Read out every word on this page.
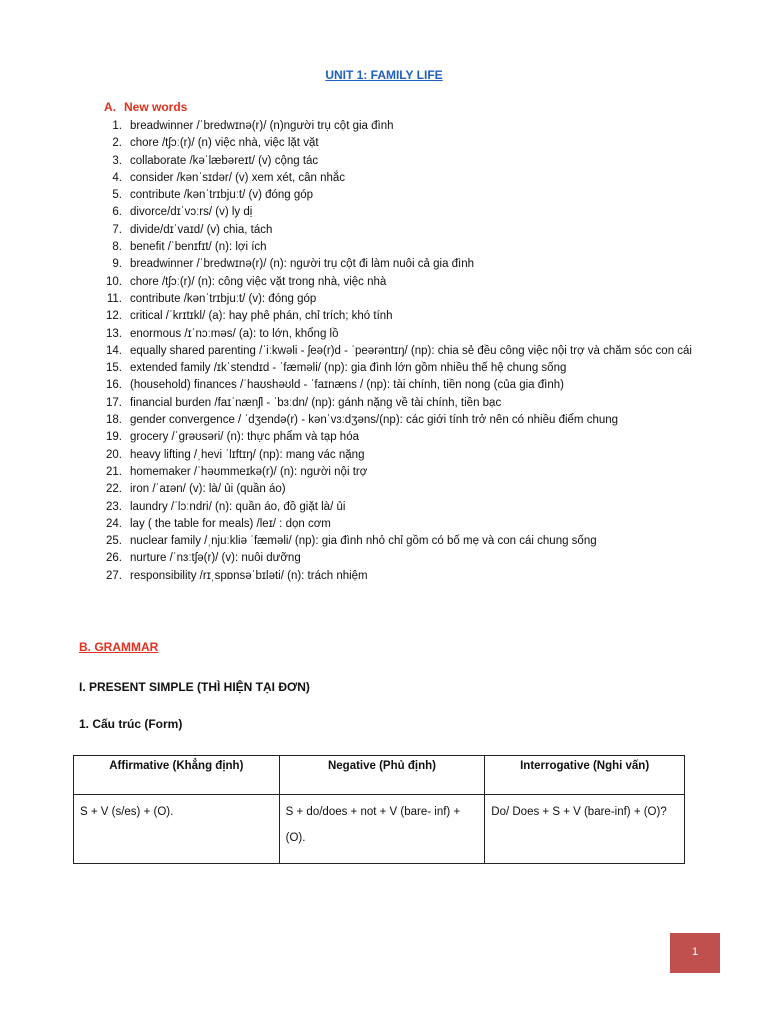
UNIT 1: FAMILY LIFE
A. New words
1. breadwinner /ˈbredwɪnə(r)/ (n)người trụ cột gia đình
2. chore /tʃɔː(r)/ (n) việc nhà, việc lặt vặt
3. collaborate /kəˈlæbəreɪt/ (v) cộng tác
4. consider /kənˈsɪdər/ (v) xem xét, cân nhắc
5. contribute /kənˈtrɪbjuːt/ (v) đóng góp
6. divorce/dɪˈvɔːrs/ (v) ly dị
7. divide/dɪˈvaɪd/ (v) chia, tách
8. benefit /ˈbenɪfɪt/ (n): lợi ích
9. breadwinner /ˈbredwɪnə(r)/ (n): người trụ cột đi làm nuôi cả gia đình
10. chore /tʃɔː(r)/ (n): công việc vặt trong nhà, việc nhà
11. contribute /kənˈtrɪbjuːt/ (v): đóng góp
12. critical /ˈkrɪtɪkl/ (a): hay phê phán, chỉ trích; khó tính
13. enormous /ɪˈnɔːməs/ (a): to lớn, khổng lồ
14. equally shared parenting /ˈiːkwəli - ʃeə(r)d - ˈpeərəntɪŋ/ (np): chia sẻ đều công việc nội trợ và chăm sóc con cái
15. extended family /ɪkˈstendɪd - ˈfæməli/ (np): gia đình lớn gồm nhiều thế hệ chung sống
16. (household) finances /ˈhaʊshəʊld - ˈfaɪnæns / (np): tài chính, tiền nong (của gia đình)
17. financial burden /faɪˈnænʃl - ˈbɜːdn/ (np): gánh nặng về tài chính, tiền bạc
18. gender convergence / ˈdʒendə(r) - kənˈvɜːdʒəns/(np): các giới tính trở nên có nhiều điểm chung
19. grocery /ˈɡrəʊsəri/ (n): thực phẩm và tạp hóa
20. heavy lifting /ˌhevi ˈlɪftɪŋ/ (np): mang vác nặng
21. homemaker /ˈhəʊmmeɪkə(r)/ (n): người nội trợ
22. iron /ˈaɪən/ (v): là/ ủi (quần áo)
23. laundry /ˈlɔːndri/ (n): quần áo, đồ giặt là/ ủi
24. lay ( the table for meals) /leɪ/ : dọn cơm
25. nuclear family /ˌnjuːkliə ˈfæməli/ (np): gia đình nhỏ chỉ gồm có bố mẹ và con cái chung sống
26. nurture /ˈnɜːtʃə(r)/ (v): nuôi dưỡng
27. responsibility /rɪˌspɒnsəˈbɪləti/ (n): trách nhiệm
B. GRAMMAR
I. PRESENT SIMPLE (THÌ HIỆN TẠI ĐƠN)
1. Cấu trúc (Form)
Affirmative (Khẳng định)	Negative (Phủ định)	Interrogative (Nghi vấn)
S + V (s/es) + (O).	S + do/does + not + V (bare- inf) + (O).	Do/ Does + S + V (bare-inf) + (O)?
1
